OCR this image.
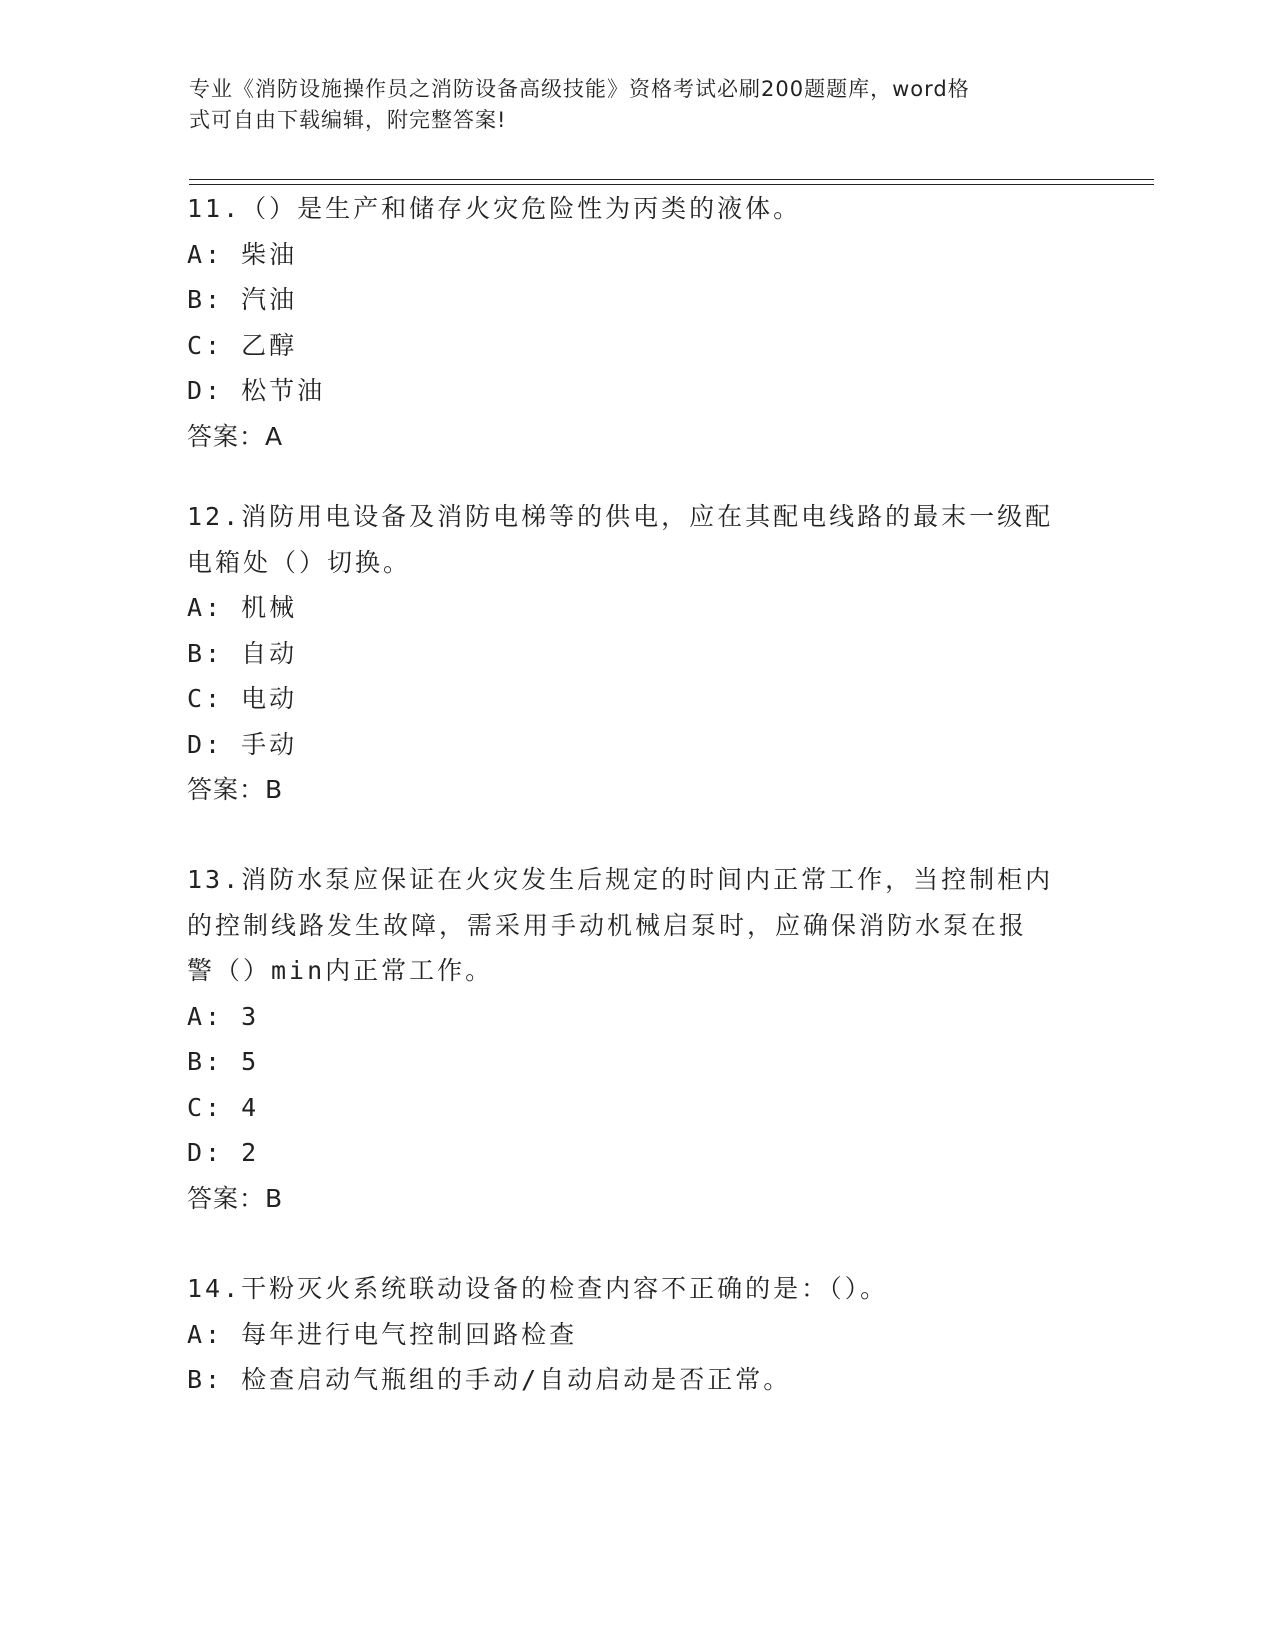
专业《消防设施操作员之消防设备高级技能》资格考试必刷200题题库，word格
式可自由下载编辑，附完整答案!
11.（）是生产和储存火灾危险性为丙类的液体。
A: 柴油
B: 汽油
C: 乙醇
D: 松节油
答案：A
12.消防用电设备及消防电梯等的供电，应在其配电线路的最末一级配
电箱处（）切换。
A: 机械
B: 自动
C: 电动
D: 手动
答案：B
13.消防水泵应保证在火灾发生后规定的时间内正常工作，当控制柜内
的控制线路发生故障，需采用手动机械启泵时，应确保消防水泵在报
警（）min内正常工作。
A: 3
B: 5
C: 4
D: 2
答案：B
14.干粉灭火系统联动设备的检查内容不正确的是：（）。
A: 每年进行电气控制回路检查
B: 检查启动气瓶组的手动/自动启动是否正常。
